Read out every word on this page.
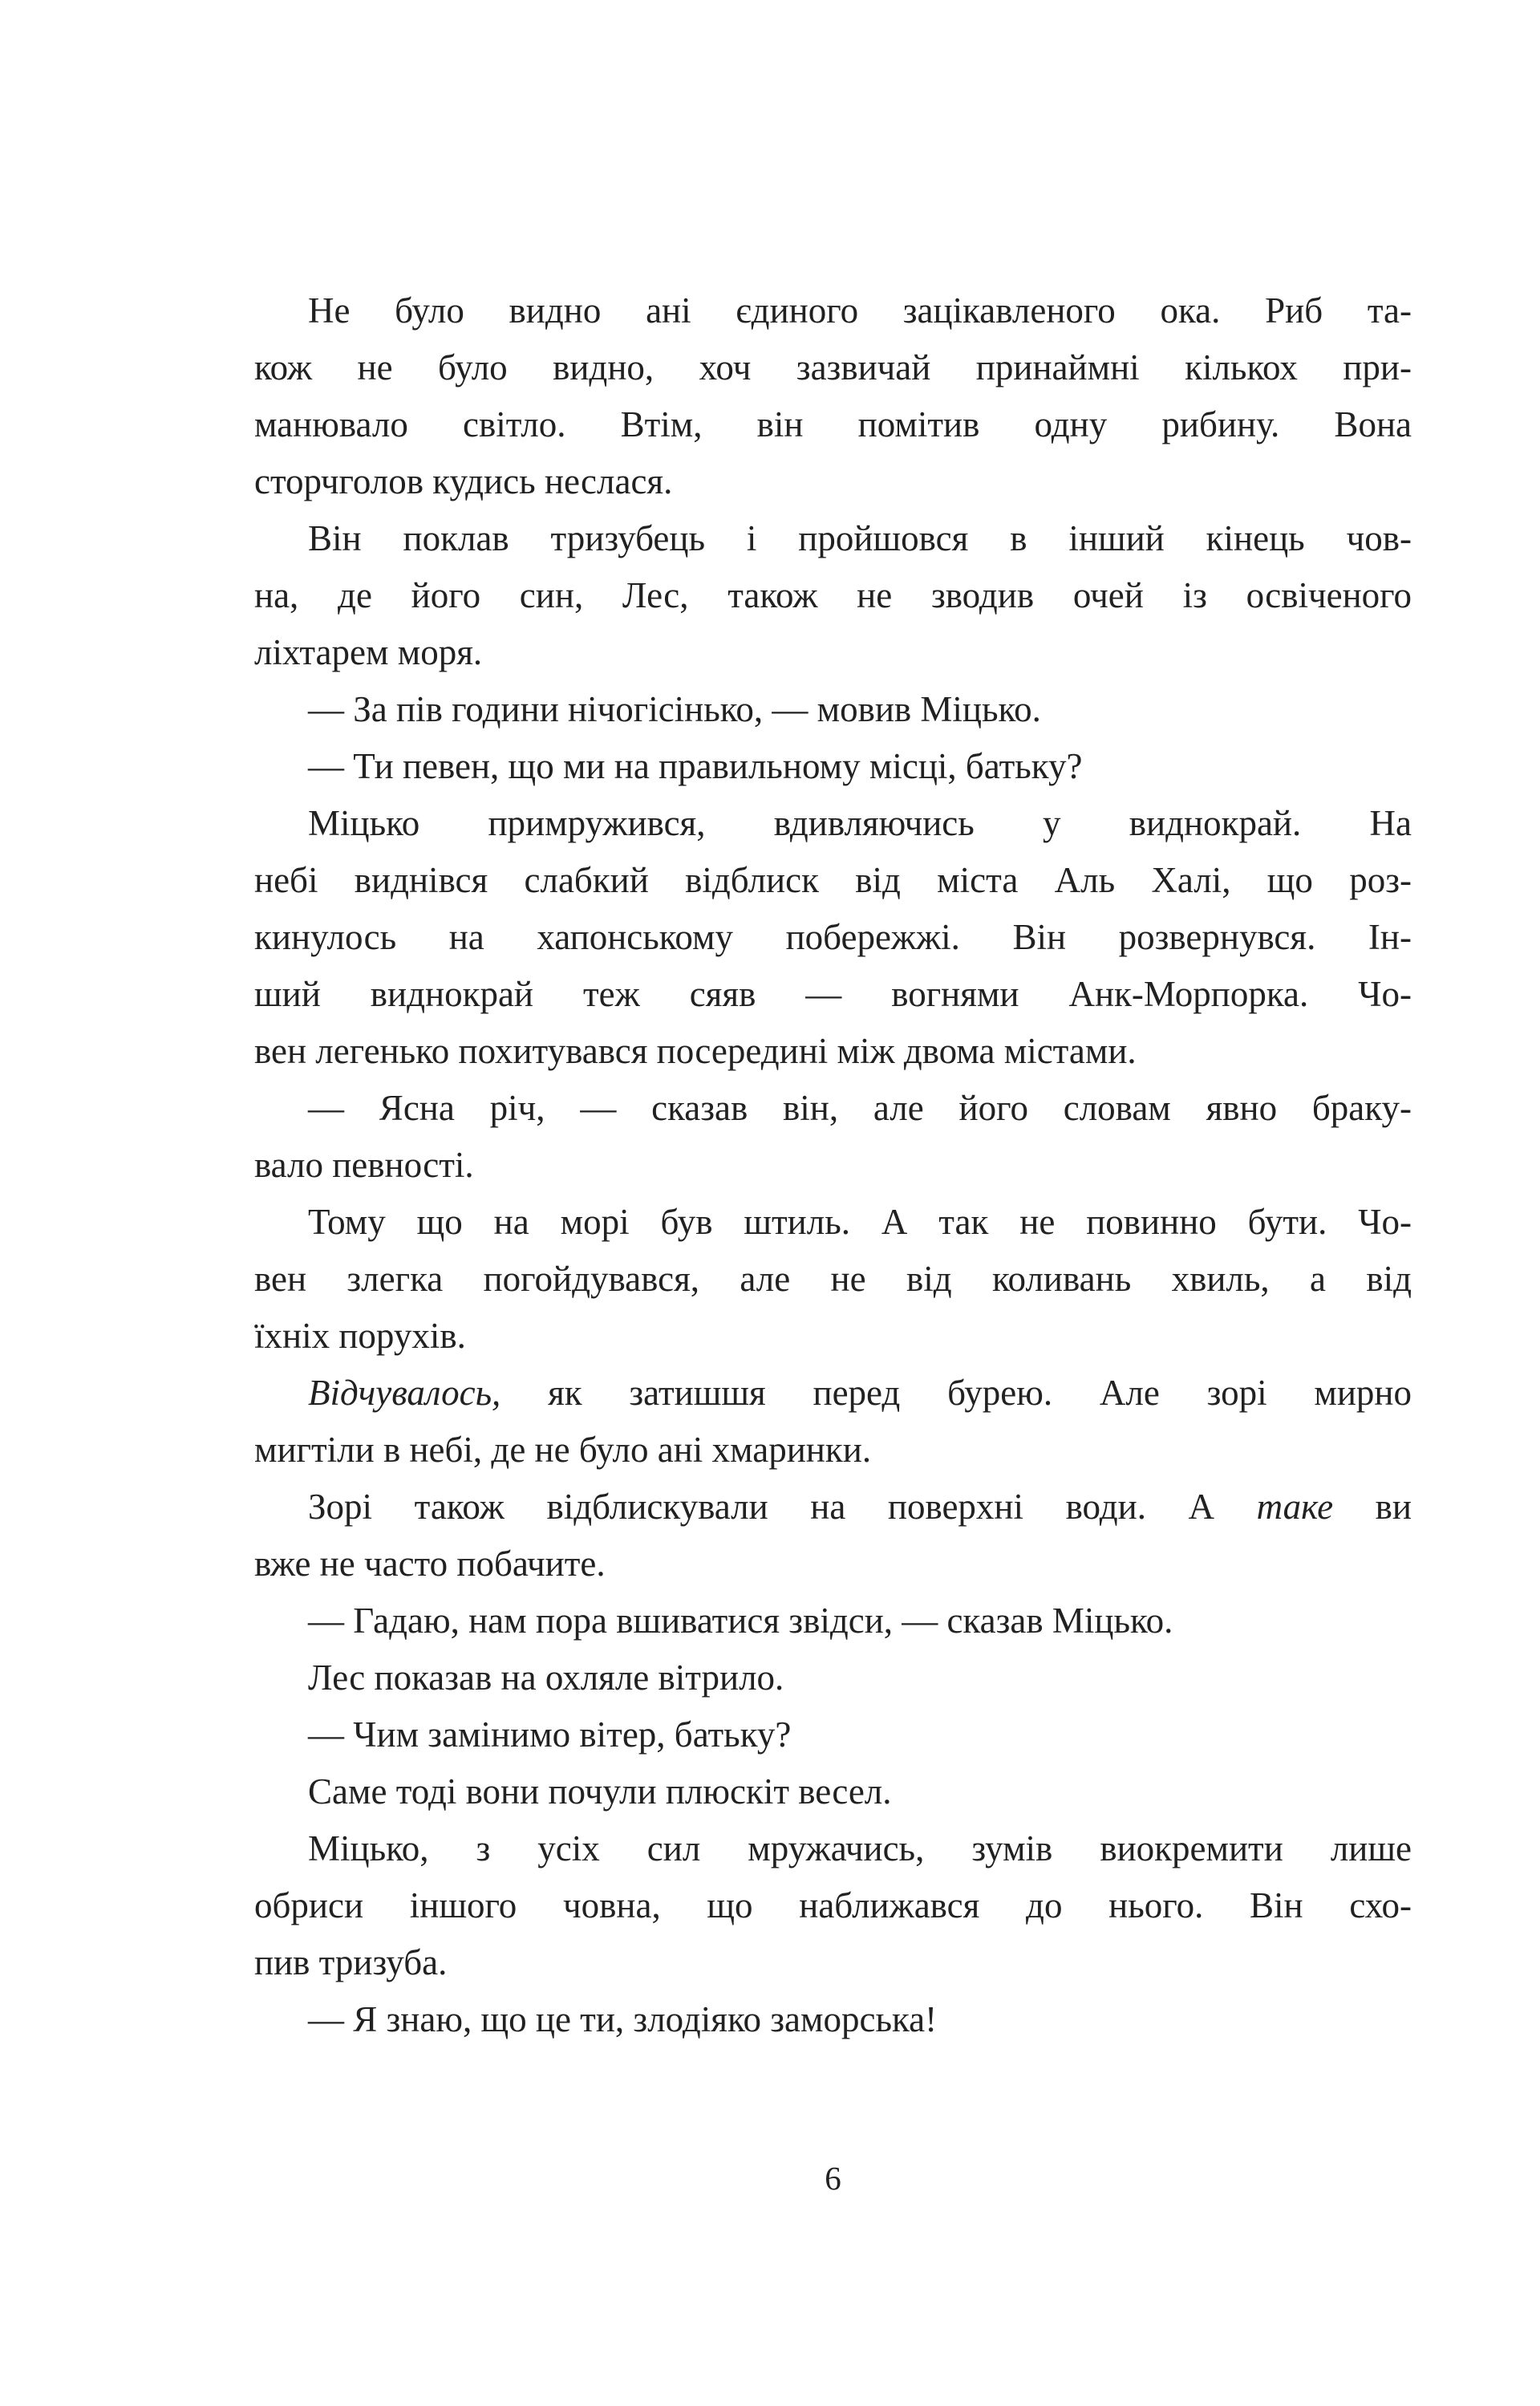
Не було видно ані єдиного зацікавленого ока. Риб та-
кож не було видно, хоч зазвичай принаймні кількох при-
манювало світло. Втім, він помітив одну рибину. Вона
сторчголов кудись неслася.

Він поклав тризубець і пройшовся в інший кінець чов-
на, де його син, Лес, також не зводив очей із освіченого
ліхтарем моря.

— За пів години нічогісінько, — мовив Міцько.

— Ти певен, що ми на правильному місці, батьку?

Міцько примружився, вдивляючись у виднокрай. На
небі виднівся слабкий відблиск від міста Аль Халі, що роз-
кинулось на хапонському побережжі. Він розвернувся. Ін-
ший виднокрай теж сяяв — вогнями Анк-Морпорка. Чо-
вен легенько похитувався посередині між двома містами.

— Ясна річ, — сказав він, але його словам явно браку-
вало певності.

Тому що на морі був штиль. А так не повинно бути. Чо-
вен злегка погойдувався, але не від коливань хвиль, а від
їхніх порухів.

Відчувалось, як затишшя перед бурею. Але зорі мирно
мигтіли в небі, де не було ані хмаринки.

Зорі також відблискували на поверхні води. А таке ви
вже не часто побачите.

— Гадаю, нам пора вшиватися звідси, — сказав Міцько.

Лес показав на охляле вітрило.

— Чим замінимо вітер, батьку?

Саме тоді вони почули плюскіт весел.

Міцько, з усіх сил мружачись, зумів виокремити лише
обриси іншого човна, що наближався до нього. Він схо-
пив тризуба.

— Я знаю, що це ти, злодіяко заморська!

6
